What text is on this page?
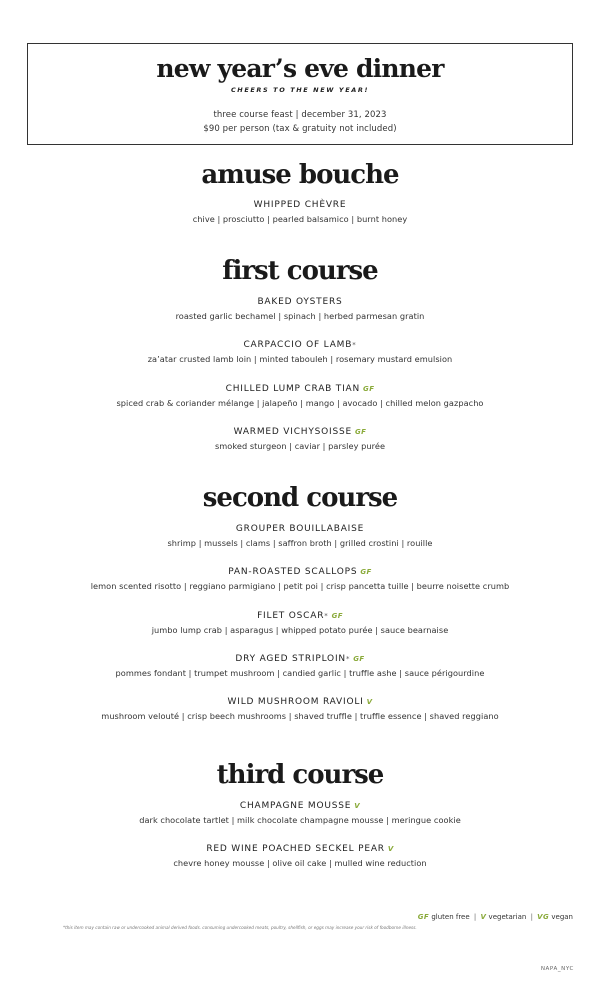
new year’s eve dinner
CHEERS TO THE NEW YEAR!
three course feast | december 31, 2023
$90 per person (tax & gratuity not included)
amuse bouche
WHIPPED CHÈVRE
chive | prosciutto | pearled balsamico | burnt honey
first course
BAKED OYSTERS
roasted garlic bechamel | spinach | herbed parmesan gratin
CARPACCIO OF LAMB*
za’atar crusted lamb loin | minted tabouleh | rosemary mustard emulsion
CHILLED LUMP CRAB TIAN GF
spiced crab & coriander mélange | jalapeño | mango | avocado | chilled melon gazpacho
WARMED VICHYSOISSE GF
smoked sturgeon | caviar | parsley purée
second course
GROUPER BOUILLABAISE
shrimp | mussels | clams | saffron broth | grilled crostini | rouille
PAN-ROASTED SCALLOPS GF
lemon scented risotto | reggiano parmigiano | petit poi | crisp pancetta tuille | beurre noisette crumb
FILET OSCAR* GF
jumbo lump crab | asparagus | whipped potato purée | sauce bearnaise
DRY AGED STRIPLOIN* GF
pommes fondant | trumpet mushroom | candied garlic | truffle ashe | sauce périgourdine
WILD MUSHROOM RAVIOLI V
mushroom velouté | crisp beech mushrooms | shaved truffle | truffle essence | shaved reggiano
third course
CHAMPAGNE MOUSSE V
dark chocolate tartlet | milk chocolate champagne mousse | meringue cookie
RED WINE POACHED SECKEL PEAR V
chevre honey mousse | olive oil cake | mulled wine reduction
GF gluten free | V vegetarian | VG vegan
*this item may contain raw or undercooked animal derived foods. consuming undercooked meats, poultry, shellfish, or eggs may increase your risk of foodborne illness.
NAPA_NYC
